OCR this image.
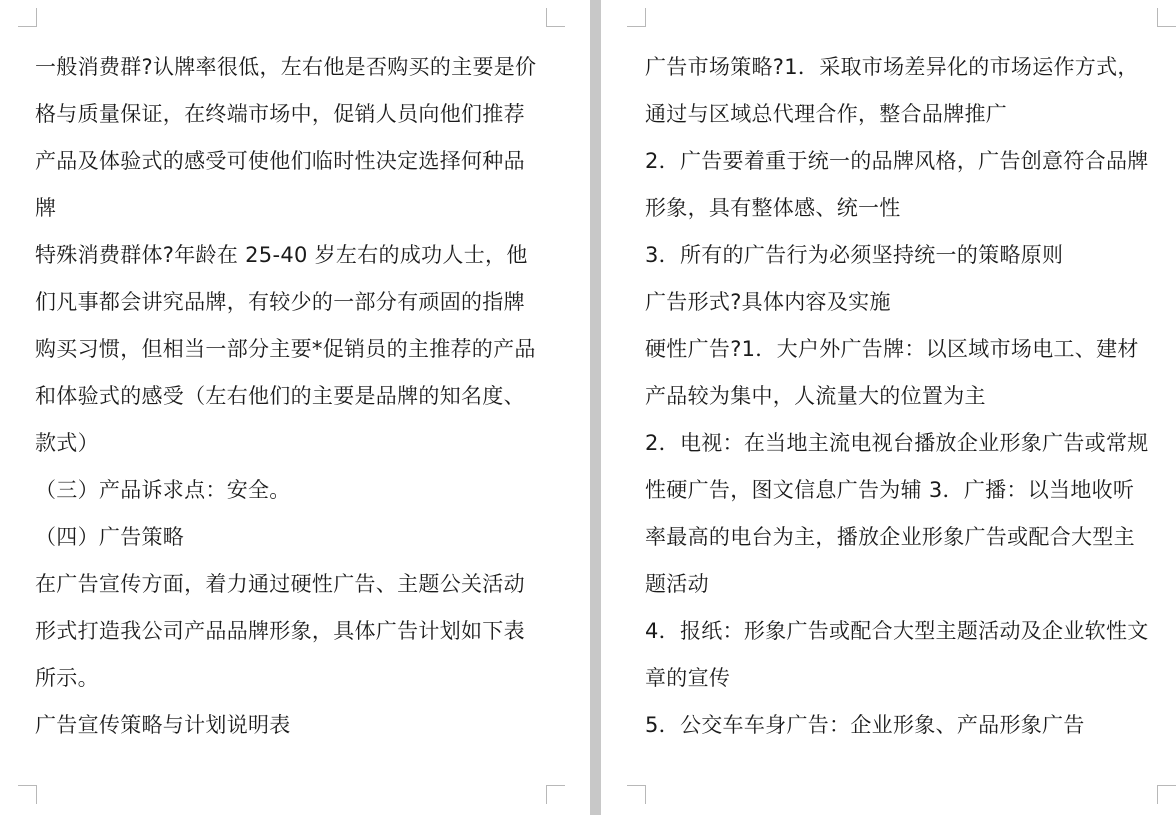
一般消费群?认牌率很低，左右他是否购买的主要是价
格与质量保证，在终端市场中，促销人员向他们推荐
产品及体验式的感受可使他们临时性决定选择何种品
牌
特殊消费群体?年龄在 25-40 岁左右的成功人士，他
们凡事都会讲究品牌，有较少的一部分有顽固的指牌
购买习惯，但相当一部分主要*促销员的主推荐的产品
和体验式的感受（左右他们的主要是品牌的知名度、
款式）
（三）产品诉求点：安全。
（四）广告策略
在广告宣传方面，着力通过硬性广告、主题公关活动
形式打造我公司产品品牌形象，具体广告计划如下表
所示。
广告宣传策略与计划说明表
广告市场策略?1．采取市场差异化的市场运作方式，
通过与区域总代理合作，整合品牌推广
2．广告要着重于统一的品牌风格，广告创意符合品牌
形象，具有整体感、统一性
3．所有的广告行为必须坚持统一的策略原则
广告形式?具体内容及实施
硬性广告?1．大户外广告牌：以区域市场电工、建材
产品较为集中，人流量大的位置为主
2．电视：在当地主流电视台播放企业形象广告或常规
性硬广告，图文信息广告为辅 3．广播：以当地收听
率最高的电台为主，播放企业形象广告或配合大型主
题活动
4．报纸：形象广告或配合大型主题活动及企业软性文
章的宣传
5．公交车车身广告：企业形象、产品形象广告
